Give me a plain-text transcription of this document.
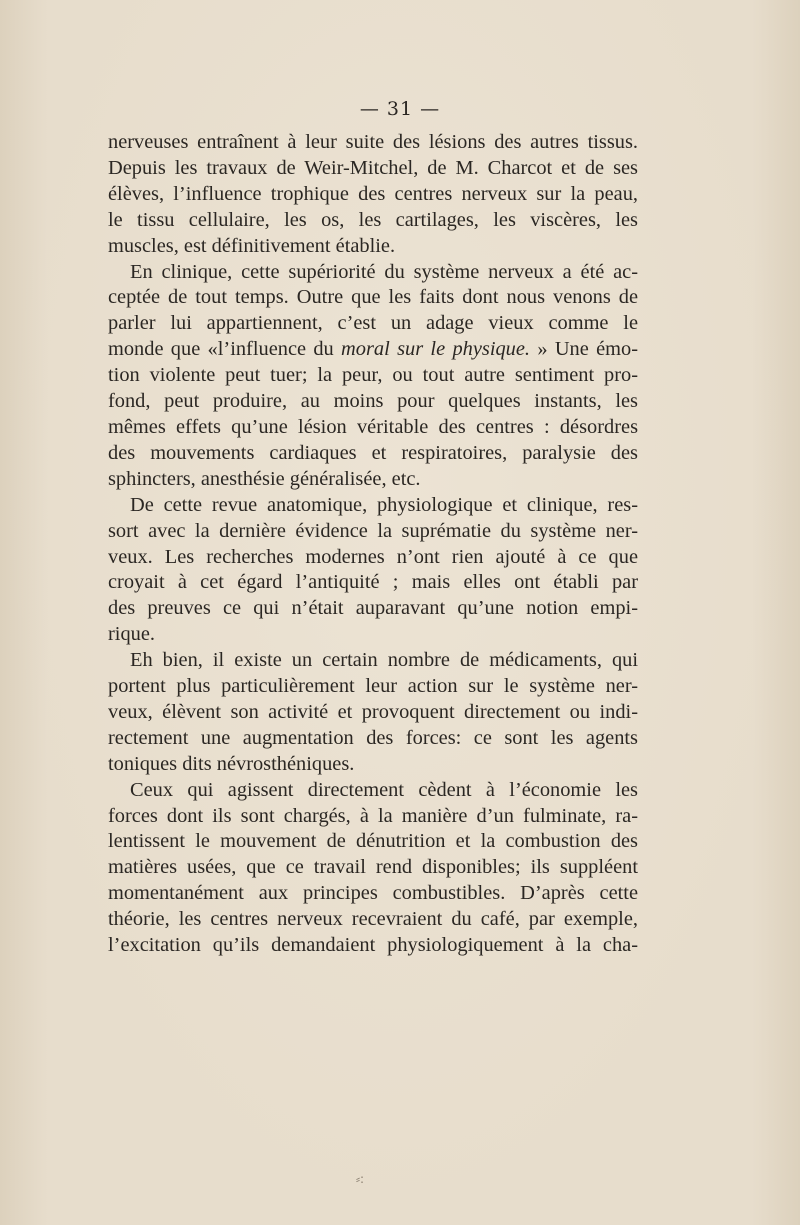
— 31 —
nerveuses entraînent à leur suite des lésions des autres tissus.
Depuis les travaux de Weir-Mitchel, de M. Charcot et de ses
élèves, l’influence trophique des centres nerveux sur la peau,
le tissu cellulaire, les os, les cartilages, les viscères, les
muscles, est définitivement établie.
En clinique, cette supériorité du système nerveux a été ac-
ceptée de tout temps. Outre que les faits dont nous venons de
parler lui appartiennent, c’est un adage vieux comme le
monde que «l’influence du moral sur le physique. » Une émo-
tion violente peut tuer; la peur, ou tout autre sentiment pro-
fond, peut produire, au moins pour quelques instants, les
mêmes effets qu’une lésion véritable des centres : désordres
des mouvements cardiaques et respiratoires, paralysie des
sphincters, anesthésie généralisée, etc.
De cette revue anatomique, physiologique et clinique, res-
sort avec la dernière évidence la suprématie du système ner-
veux. Les recherches modernes n’ont rien ajouté à ce que
croyait à cet égard l’antiquité ; mais elles ont établi par
des preuves ce qui n’était auparavant qu’une notion empi-
rique.
Eh bien, il existe un certain nombre de médicaments, qui
portent plus particulièrement leur action sur le système ner-
veux, élèvent son activité et provoquent directement ou indi-
rectement une augmentation des forces: ce sont les agents
toniques dits névrosthéniques.
Ceux qui agissent directement cèdent à l’économie les
forces dont ils sont chargés, à la manière d’un fulminate, ra-
lentissent le mouvement de dénutrition et la combustion des
matières usées, que ce travail rend disponibles; ils suppléent
momentanément aux principes combustibles. D’après cette
théorie, les centres nerveux recevraient du café, par exemple,
l’excitation qu’ils demandaient physiologiquement à la cha-
⸗:
